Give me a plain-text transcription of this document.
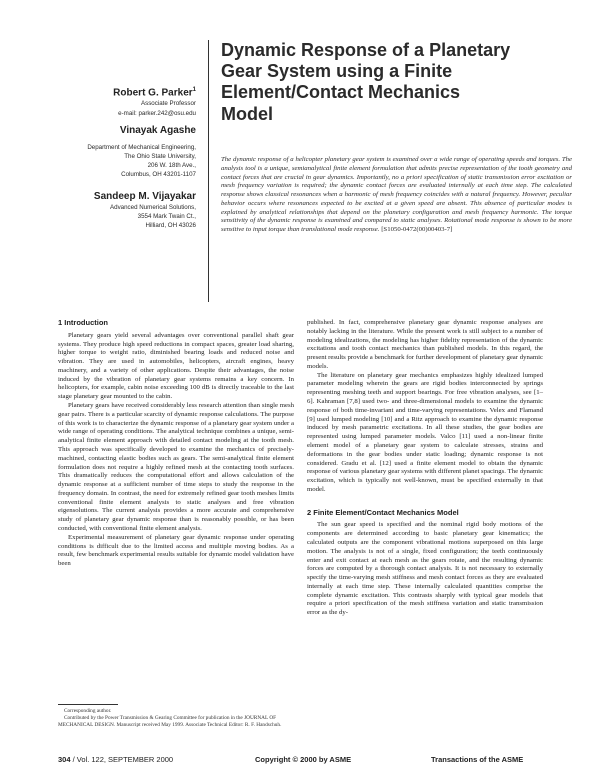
Robert G. Parker$^1$
Associate Professor
e-mail: parker.242@osu.edu
Vinayak Agashe
Department of Mechanical Engineering,
The Ohio State University,
206 W. 18th Ave.,
Columbus, OH 43201-1107
Sandeep M. Vijayakar
Advanced Numerical Solutions,
3554 Mark Twain Ct.,
Hilliard, OH 43026
Dynamic Response of a Planetary
Gear System using a Finite
Element/Contact Mechanics
Model
The dynamic response of a helicopter planetary gear system is examined over a wide range of operating speeds and torques. The analysis tool is a unique, semianalytical finite element formulation that admits precise representation of the tooth geometry and contact forces that are crucial in gear dynamics. Importantly, no a priori specification of static transmission error excitation or mesh frequency variation is required; the dynamic contact forces are evaluated internally at each time step. The calculated response shows classical resonances when a harmonic of mesh frequency coincides with a natural frequency. However, peculiar behavior occurs where resonances expected to be excited at a given speed are absent. This absence of particular modes is explained by analytical relationships that depend on the planetary configuration and mesh frequency harmonic. The torque sensitivity of the dynamic response is examined and compared to static analyses. Rotational mode response is shown to be more sensitive to input torque than translational mode response. [S1050-0472(00)00403-7]

1 Introduction

Planetary gears yield several advantages over conventional parallel shaft gear systems. They produce high speed reductions in compact spaces, greater load sharing, higher torque to weight ratio, diminished bearing loads and reduced noise and vibration. They are used in automobiles, helicopters, aircraft engines, heavy machinery, and a variety of other applications. Despite their advantages, the noise induced by the vibration of planetary gear systems remains a key concern. In helicopters, for example, cabin noise exceeding 100 dB is directly traceable to the last stage planetary gear mounted to the cabin.

Planetary gears have received considerably less research attention than single mesh gear pairs. There is a particular scarcity of dynamic response calculations. The purpose of this work is to characterize the dynamic response of a planetary gear system under a wide range of operating conditions. The analytical technique combines a unique, semi-analytical finite element approach with detailed contact modeling at the tooth mesh. This approach was specifically developed to examine the mechanics of precisely-machined, contacting elastic bodies such as gears. The semi-analytical finite element formulation does not require a highly refined mesh at the contacting tooth surfaces. This dramatically reduces the computational effort and allows calculation of the dynamic response at a sufficient number of time steps to study the response in the frequency domain. In contrast, the need for extremely refined gear tooth meshes limits conventional finite element analysis to static analyses and free vibration eigensolutions. The current analysis provides a more accurate and comprehensive study of planetary gear dynamic response than is reasonably possible, or has been conducted, with conventional finite element analysis.

Experimental measurement of planetary gear dynamic response under operating conditions is difficult due to the limited access and multiple moving bodies. As a result, few benchmark experimental results suitable for dynamic model validation have been

published. In fact, comprehensive planetary gear dynamic response analyses are notably lacking in the literature. While the present work is still subject to a number of modeling idealizations, the modeling has higher fidelity representation of the dynamic excitations and tooth contact mechanics than published models. In this regard, the present results provide a benchmark for further development of planetary gear dynamic models.

The literature on planetary gear mechanics emphasizes highly idealized lumped parameter modeling wherein the gears are rigid bodies interconnected by springs representing meshing teeth and support bearings. For free vibration analyses, see [1–6]. Kahraman [7,8] used two- and three-dimensional models to examine the dynamic response of both time-invariant and time-varying representations. Velex and Flamand [9] used lumped modeling [10] and a Ritz approach to examine the dynamic response induced by mesh parametric excitations. In all these studies, the gear bodies are represented using lumped parameter models. Valco [11] used a non-linear finite element model of a planetary gear system to calculate stresses, strains and deformations in the gear bodies under static loading; dynamic response is not considered. Gradu et al. [12] used a finite element model to obtain the dynamic response of various planetary gear systems with different planet spacings. The dynamic excitation, which is typically not well-known, must be specified externally in that model.

2 Finite Element/Contact Mechanics Model

The sun gear speed is specified and the nominal rigid body motions of the components are determined according to basic planetary gear kinematics; the calculated outputs are the component vibrational motions superposed on this large motion. The analysis is not of a single, fixed configuration; the teeth continuously enter and exit contact at each mesh as the gears rotate, and the resulting dynamic forces are computed by a thorough contact analysis. It is not necessary to externally specify the time-varying mesh stiffness and mesh contact forces as they are evaluated internally at each time step. These internally calculated quantities comprise the complete dynamic excitation. This contrasts sharply with typical gear models that require a priori specification of the mesh stiffness variation and static transmission error as the dy-

Corresponding author.
Contributed by the Power Transmission & Gearing Committee for publication in the JOURNAL OF MECHANICAL DESIGN. Manuscript received May 1999. Associate Technical Editor: R. F. Handschuh.
304 / Vol. 122, SEPTEMBER 2000	Copyright © 2000 by ASME	Transactions of the ASME
